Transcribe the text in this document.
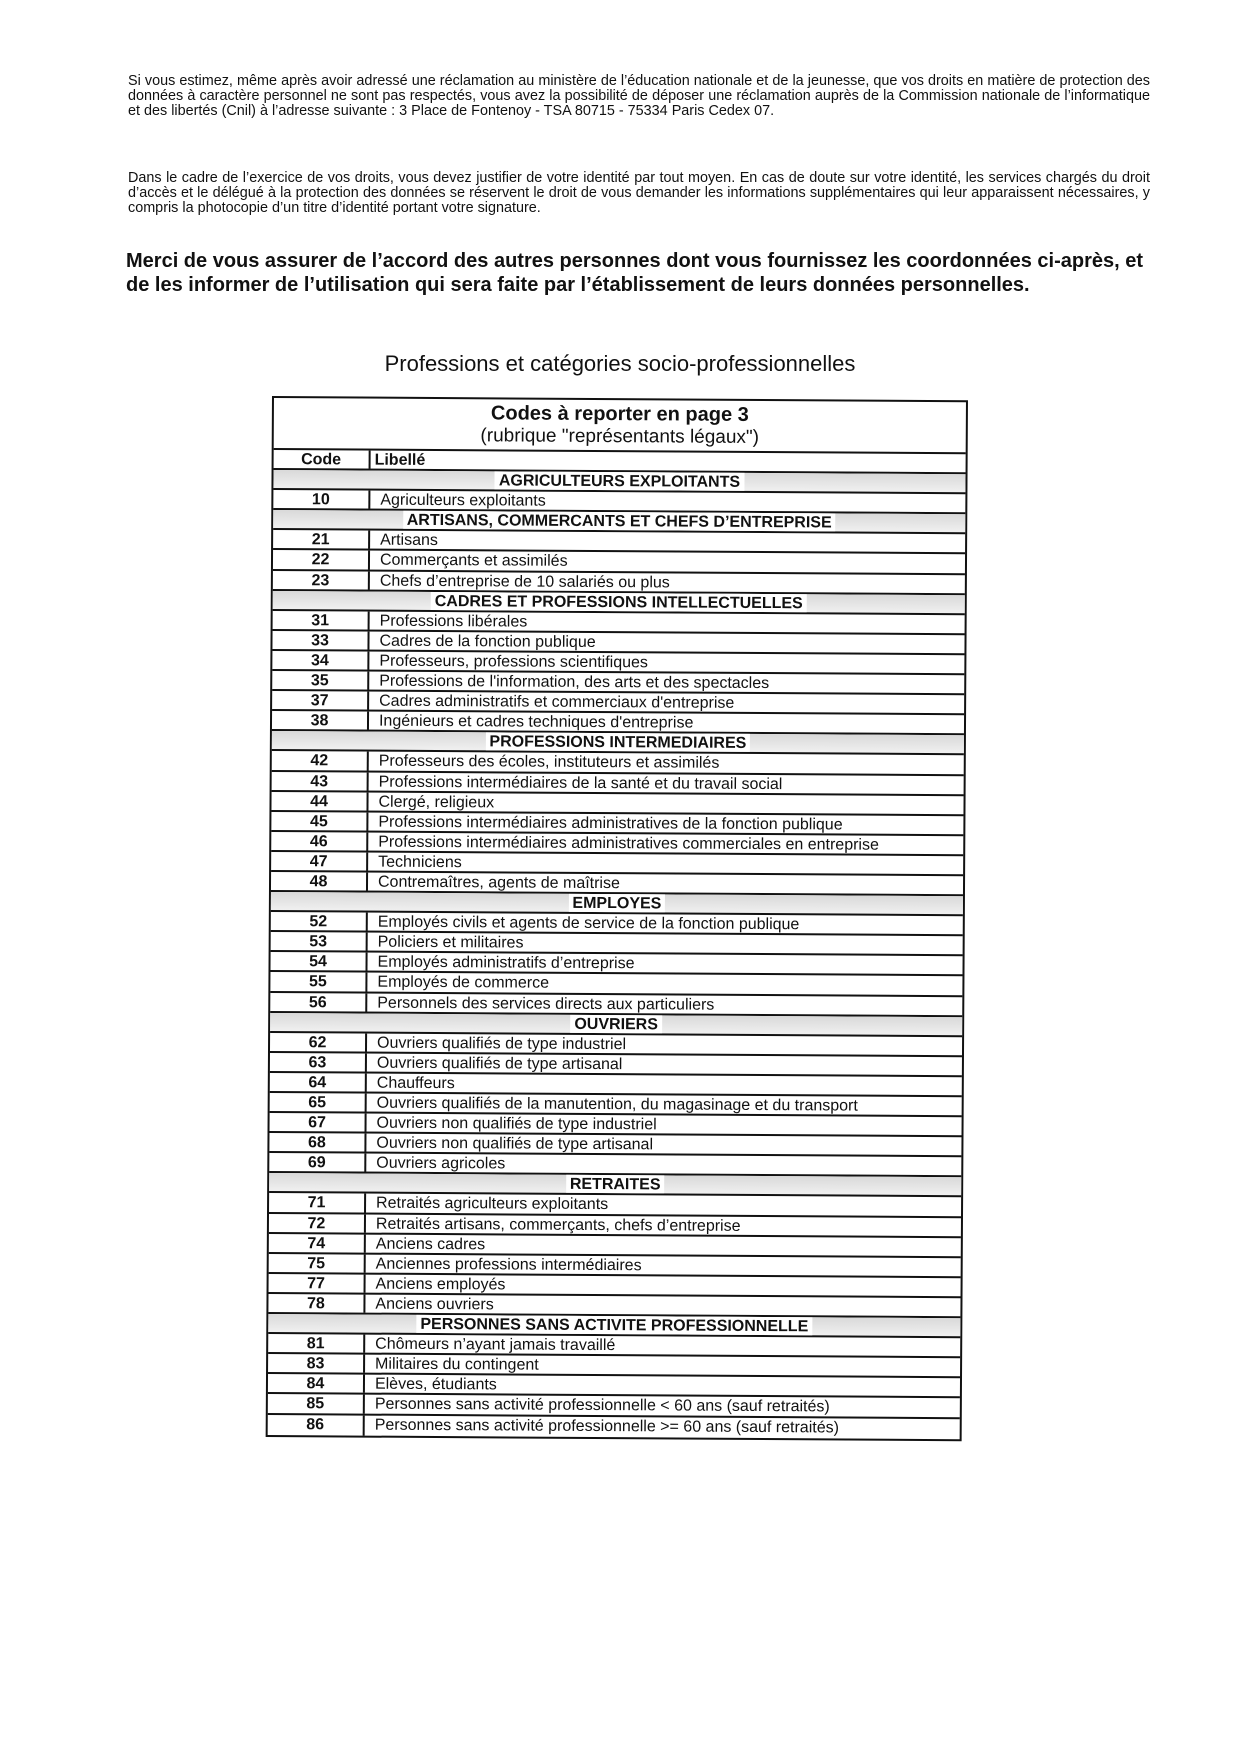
Si vous estimez, même après avoir adressé une réclamation au ministère de l’éducation nationale et de la jeunesse, que vos droits en matière de protection des données à caractère personnel ne sont pas respectés, vous avez la possibilité de déposer une réclamation auprès de la Commission nationale de l’informatique et des libertés (Cnil) à l’adresse suivante : 3 Place de Fontenoy - TSA 80715 - 75334 Paris Cedex 07.
Dans le cadre de l’exercice de vos droits, vous devez justifier de votre identité par tout moyen. En cas de doute sur votre identité, les services chargés du droit d’accès et le délégué à la protection des données se réservent le droit de vous demander les informations supplémentaires qui leur apparaissent nécessaires, y compris la photocopie d’un titre d’identité portant votre signature.
Merci de vous assurer de l’accord des autres personnes dont vous fournissez les coordonnées ci-après, et de les informer de l’utilisation qui sera faite par l’établissement de leurs données personnelles.
Professions et catégories socio-professionnelles
Codes à reporter en page 3
(rubrique "représentants légaux")
Code	Libellé
AGRICULTEURS EXPLOITANTS
10	Agriculteurs exploitants
ARTISANS, COMMERCANTS ET CHEFS D’ENTREPRISE
21	Artisans
22	Commerçants et assimilés
23	Chefs d’entreprise de 10 salariés ou plus
CADRES ET PROFESSIONS INTELLECTUELLES
31	Professions libérales
33	Cadres de la fonction publique
34	Professeurs, professions scientifiques
35	Professions de l'information, des arts et des spectacles
37	Cadres administratifs et commerciaux d'entreprise
38	Ingénieurs et cadres techniques d'entreprise
PROFESSIONS INTERMEDIAIRES
42	Professeurs des écoles, instituteurs et assimilés
43	Professions intermédiaires de la santé et du travail social
44	Clergé, religieux
45	Professions intermédiaires administratives de la fonction publique
46	Professions intermédiaires administratives commerciales en entreprise
47	Techniciens
48	Contremaîtres, agents de maîtrise
EMPLOYES
52	Employés civils et agents de service de la fonction publique
53	Policiers et militaires
54	Employés administratifs d’entreprise
55	Employés de commerce
56	Personnels des services directs aux particuliers
OUVRIERS
62	Ouvriers qualifiés de type industriel
63	Ouvriers qualifiés de type artisanal
64	Chauffeurs
65	Ouvriers qualifiés de la manutention, du magasinage et du transport
67	Ouvriers non qualifiés de type industriel
68	Ouvriers non qualifiés de type artisanal
69	Ouvriers agricoles
RETRAITES
71	Retraités agriculteurs exploitants
72	Retraités artisans, commerçants, chefs d’entreprise
74	Anciens cadres
75	Anciennes professions intermédiaires
77	Anciens employés
78	Anciens ouvriers
PERSONNES SANS ACTIVITE PROFESSIONNELLE
81	Chômeurs n’ayant jamais travaillé
83	Militaires du contingent
84	Elèves, étudiants
85	Personnes sans activité professionnelle < 60 ans (sauf retraités)
86	Personnes sans activité professionnelle >= 60 ans (sauf retraités)
